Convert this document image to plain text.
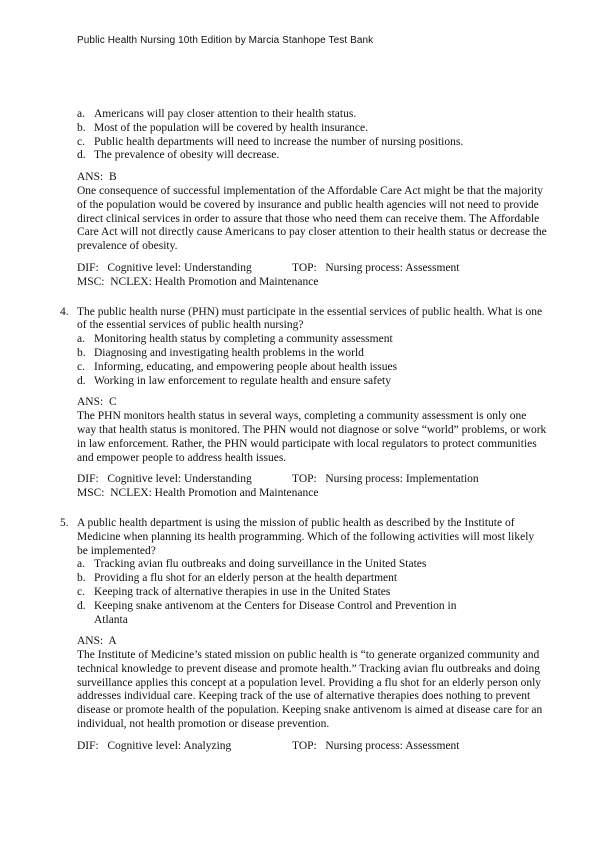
Public Health Nursing 10th Edition by Marcia Stanhope Test Bank
a. Americans will pay closer attention to their health status.
b. Most of the population will be covered by health insurance.
c. Public health departments will need to increase the number of nursing positions.
d. The prevalence of obesity will decrease.
ANS:  B

One consequence of successful implementation of the Affordable Care Act might be that the majority of the population would be covered by insurance and public health agencies will not need to provide direct clinical services in order to assure that those who need them can receive them. The Affordable Care Act will not directly cause Americans to pay closer attention to their health status or decrease the prevalence of obesity.

DIF:   Cognitive level: Understanding	TOP:   Nursing process: Assessment
MSC:  NCLEX: Health Promotion and Maintenance
4. The public health nurse (PHN) must participate in the essential services of public health. What is one of the essential services of public health nursing?
a. Monitoring health status by completing a community assessment
b. Diagnosing and investigating health problems in the world
c. Informing, educating, and empowering people about health issues
d. Working in law enforcement to regulate health and ensure safety
ANS:  C

The PHN monitors health status in several ways, completing a community assessment is only one way that health status is monitored. The PHN would not diagnose or solve “world” problems, or work in law enforcement. Rather, the PHN would participate with local regulators to protect communities and empower people to address health issues.

DIF:   Cognitive level: Understanding	TOP:   Nursing process: Implementation
MSC:  NCLEX: Health Promotion and Maintenance
5. A public health department is using the mission of public health as described by the Institute of Medicine when planning its health programming. Which of the following activities will most likely be implemented?
a. Tracking avian flu outbreaks and doing surveillance in the United States
b. Providing a flu shot for an elderly person at the health department
c. Keeping track of alternative therapies in use in the United States
d. Keeping snake antivenom at the Centers for Disease Control and Prevention in Atlanta
ANS:  A

The Institute of Medicine’s stated mission on public health is “to generate organized community and technical knowledge to prevent disease and promote health.” Tracking avian flu outbreaks and doing surveillance applies this concept at a population level. Providing a flu shot for an elderly person only addresses individual care. Keeping track of the use of alternative therapies does nothing to prevent disease or promote health of the population. Keeping snake antivenom is aimed at disease care for an individual, not health promotion or disease prevention.

DIF:   Cognitive level: Analyzing	TOP:   Nursing process: Assessment
